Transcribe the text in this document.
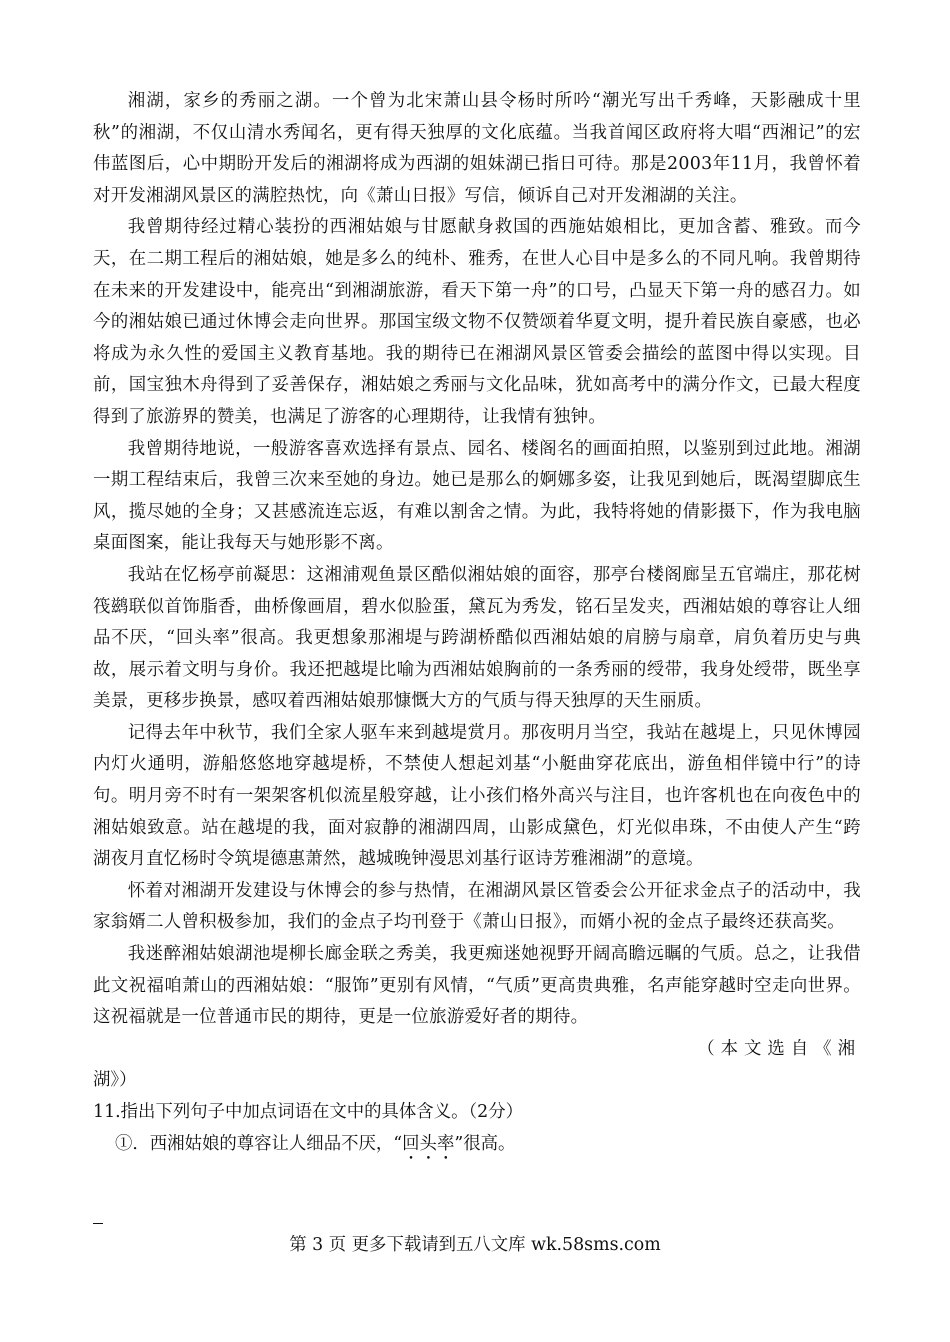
湘湖，家乡的秀丽之湖。一个曾为北宋萧山县令杨时所吟“潮光写出千秀峰，天影融成十里秋”的湘湖，不仅山清水秀闻名，更有得天独厚的文化底蕴。当我首闻区政府将大唱“西湘记”的宏伟蓝图后，心中期盼开发后的湘湖将成为西湖的姐妹湖已指日可待。那是2003年11月，我曾怀着对开发湘湖风景区的满腔热忱，向《萧山日报》写信，倾诉自己对开发湘湖的关注。

我曾期待经过精心装扮的西湘姑娘与甘愿献身救国的西施姑娘相比，更加含蓄、雅致。而今天，在二期工程后的湘姑娘，她是多么的纯朴、雅秀，在世人心目中是多么的不同凡响。我曾期待在未来的开发建设中，能亮出“到湘湖旅游，看天下第一舟”的口号，凸显天下第一舟的感召力。如今的湘姑娘已通过休博会走向世界。那国宝级文物不仅赞颂着华夏文明，提升着民族自豪感，也必将成为永久性的爱国主义教育基地。我的期待已在湘湖风景区管委会描绘的蓝图中得以实现。目前，国宝独木舟得到了妥善保存，湘姑娘之秀丽与文化品味，犹如高考中的满分作文，已最大程度得到了旅游界的赞美，也满足了游客的心理期待，让我情有独钟。

我曾期待地说，一般游客喜欢选择有景点、园名、楼阁名的画面拍照，以鉴别到过此地。湘湖一期工程结束后，我曾三次来至她的身边。她已是那么的婀娜多姿，让我见到她后，既渴望脚底生风，揽尽她的全身；又甚感流连忘返，有难以割舍之情。为此，我特将她的倩影摄下，作为我电脑桌面图案，能让我每天与她形影不离。

我站在忆杨亭前凝思：这湘浦观鱼景区酷似湘姑娘的面容，那亭台楼阁廊呈五官端庄，那花树筏鹚联似首饰脂香，曲桥像画眉，碧水似脸蛋，黛瓦为秀发，铭石呈发夹，西湘姑娘的尊容让人细品不厌，“回头率”很高。我更想象那湘堤与跨湖桥酷似西湘姑娘的肩膀与扇章，肩负着历史与典故，展示着文明与身价。我还把越堤比喻为西湘姑娘胸前的一条秀丽的绶带，我身处绶带，既坐享美景，更移步换景，感叹着西湘姑娘那慷慨大方的气质与得天独厚的天生丽质。

记得去年中秋节，我们全家人驱车来到越堤赏月。那夜明月当空，我站在越堤上，只见休博园内灯火通明，游船悠悠地穿越堤桥，不禁使人想起刘基“小艇曲穿花底出，游鱼相伴镜中行”的诗句。明月旁不时有一架架客机似流星般穿越，让小孩们格外高兴与注目，也许客机也在向夜色中的湘姑娘致意。站在越堤的我，面对寂静的湘湖四周，山影成黛色，灯光似串珠，不由使人产生“跨湖夜月直忆杨时令筑堤德惠萧然，越城晚钟漫思刘基行讴诗芳雅湘湖”的意境。

怀着对湘湖开发建设与休博会的参与热情，在湘湖风景区管委会公开征求金点子的活动中，我家翁婿二人曾积极参加，我们的金点子均刊登于《萧山日报》，而婿小祝的金点子最终还获高奖。

我迷醉湘姑娘湖池堤柳长廊金联之秀美，我更痴迷她视野开阔高瞻远瞩的气质。总之，让我借此文祝福咱萧山的西湘姑娘：“服饰”更别有风情，“气质”更高贵典雅，名声能穿越时空走向世界。这祝福就是一位普通市民的期待，更是一位旅游爱好者的期待。

（本文选自《湘

湖》）

11.指出下列句子中加点词语在文中的具体含义。（2分）

①．西湘姑娘的尊容让人细品不厌，“回头率”很高。

第 3 页 更多下载请到五八文库 wk.58sms.com
